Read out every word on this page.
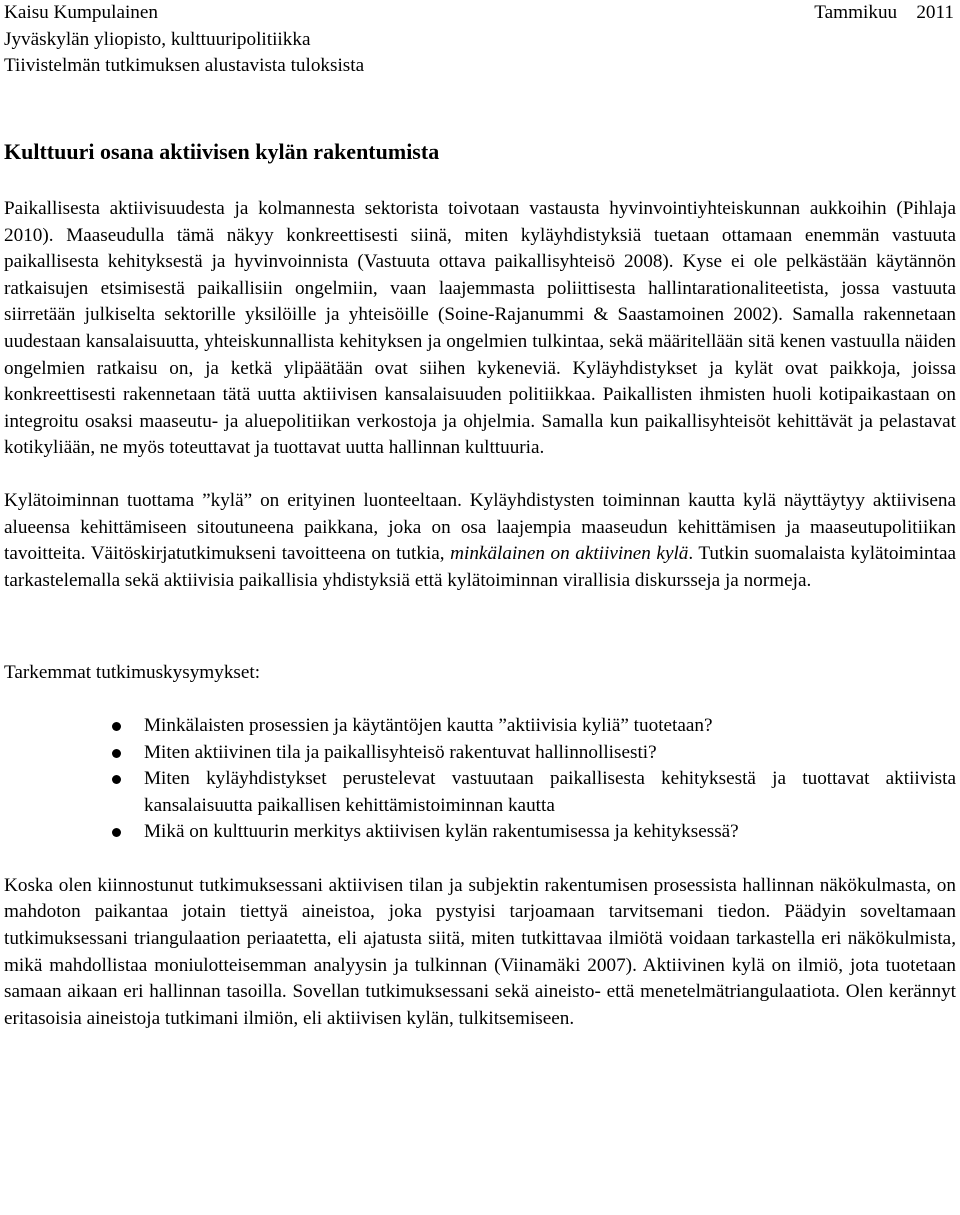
Kaisu Kumpulainen
Jyväskylän yliopisto, kulttuuripolitiikka
Tiivistelmän tutkimuksen alustavista tuloksista
Tammikuu 2011
Kulttuuri osana aktiivisen kylän rakentumista

Paikallisesta aktiivisuudesta ja kolmannesta sektorista toivotaan vastausta hyvinvointiyhteiskunnan aukkoihin (Pihlaja 2010). Maaseudulla tämä näkyy konkreettisesti siinä, miten kyläyhdistyksiä tuetaan ottamaan enemmän vastuuta paikallisesta kehityksestä ja hyvinvoinnista (Vastuuta ottava paikallisyhteisö 2008). Kyse ei ole pelkästään käytännön ratkaisujen etsimisestä paikallisiin ongelmiin, vaan laajemmasta poliittisesta hallintarationaliteetista, jossa vastuuta siirretään julkiselta sektorille yksilöille ja yhteisöille (Soine-Rajanummi & Saastamoinen 2002). Samalla rakennetaan uudestaan kansalaisuutta, yhteiskunnallista kehityksen ja ongelmien tulkintaa, sekä määritellään sitä kenen vastuulla näiden ongelmien ratkaisu on, ja ketkä ylipäätään ovat siihen kykeneviä. Kyläyhdistykset ja kylät ovat paikkoja, joissa konkreettisesti rakennetaan tätä uutta aktiivisen kansalaisuuden politiikkaa. Paikallisten ihmisten huoli kotipaikastaan on integroitu osaksi maaseutu- ja aluepolitiikan verkostoja ja ohjelmia. Samalla kun paikallisyhteisöt kehittävät ja pelastavat kotikyliään, ne myös toteuttavat ja tuottavat uutta hallinnan kulttuuria.

Kylätoiminnan tuottama ”kylä” on erityinen luonteeltaan. Kyläyhdistysten toiminnan kautta kylä näyttäytyy aktiivisena alueensa kehittämiseen sitoutuneena paikkana, joka on osa laajempia maaseudun kehittämisen ja maaseutupolitiikan tavoitteita. Väitöskirjatutkimukseni tavoitteena on tutkia, minkälainen on aktiivinen kylä. Tutkin suomalaista kylätoimintaa tarkastelemalla sekä aktiivisia paikallisia yhdistyksiä että kylätoiminnan virallisia diskursseja ja normeja.

Tarkemmat tutkimuskysymykset:
Minkälaisten prosessien ja käytäntöjen kautta ”aktiivisia kyliä” tuotetaan?
Miten aktiivinen tila ja paikallisyhteisö rakentuvat hallinnollisesti?
Miten kyläyhdistykset perustelevat vastuutaan paikallisesta kehityksestä ja tuottavat aktiivista kansalaisuutta paikallisen kehittämistoiminnan kautta
Mikä on kulttuurin merkitys aktiivisen kylän rakentumisessa ja kehityksessä?

Koska olen kiinnostunut tutkimuksessani aktiivisen tilan ja subjektin rakentumisen prosessista hallinnan näkökulmasta, on mahdoton paikantaa jotain tiettyä aineistoa, joka pystyisi tarjoamaan tarvitsemani tiedon. Päädyin soveltamaan tutkimuksessani triangulaation periaatetta, eli ajatusta siitä, miten tutkittavaa ilmiötä voidaan tarkastella eri näkökulmista, mikä mahdollistaa moniulotteisemman analyysin ja tulkinnan (Viinamäki 2007). Aktiivinen kylä on ilmiö, jota tuotetaan samaan aikaan eri hallinnan tasoilla. Sovellan tutkimuksessani sekä aineisto- että menetelmätriangulaatiota. Olen kerännyt eritasoisia aineistoja tutkimani ilmiön, eli aktiivisen kylän, tulkitsemiseen.
